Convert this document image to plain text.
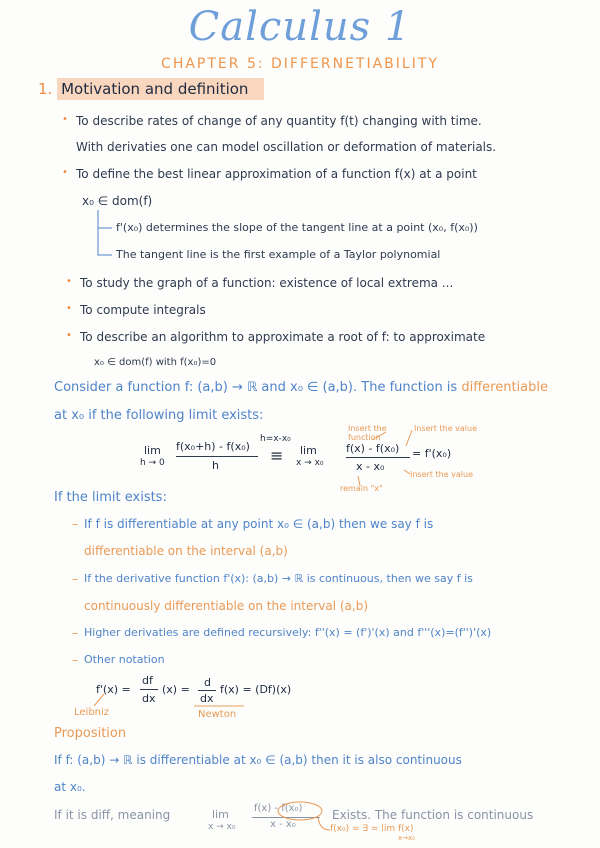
Calculus 1
CHAPTER 5: DIFFERNETIABILITY
1. Motivation and definition
• To describe rates of change of any quantity f(t) changing with time.
With derivaties one can model oscillation or deformation of materials.
• To define the best linear approximation of a function f(x) at a point
x₀ ∈ dom(f)
f'(x₀) determines the slope of the tangent line at a point (x₀, f(x₀))
The tangent line is the first example of a Taylor polynomial
• To study the graph of a function: existence of local extrema ...
• To compute integrals
• To describe an algorithm to approximate a root of f: to approximate
x₀ ∈ dom(f) with f(x₀)=0
Consider a function f: (a,b) → ℝ and x₀ ∈ (a,b). The function is differentiable
at x₀ if the following limit exists:
lim
h → 0
f(x₀+h) - f(x₀)
h
h=x-x₀
≡ lim
x → x₀
f(x) - f(x₀)
x - x₀
= f'(x₀)
Insert the function
Insert the value
Insert the value
remain "x"
If the limit exists:
– If f is differentiable at any point x₀ ∈ (a,b) then we say f is
differentiable on the interval (a,b)
– If the derivative function f'(x): (a,b) → ℝ is continuous, then we say f is
continuously differentiable on the interval (a,b)
– Higher derivaties are defined recursively: f''(x) = (f')'(x) and f'''(x)=(f'')'(x)
– Other notation
f'(x) =
df
dx
(x) =
d
dx
f(x) = (Df)(x)
Leibniz	Newton
Proposition
If f: (a,b) → ℝ is differentiable at x₀ ∈ (a,b) then it is also continuous
at x₀.
If it is diff, meaning	lim
x → x₀
f(x) - f(x₀)
x - x₀
Exists. The function is continuous
f(x₀) = ∃ = lim f(x)
x→x₀
